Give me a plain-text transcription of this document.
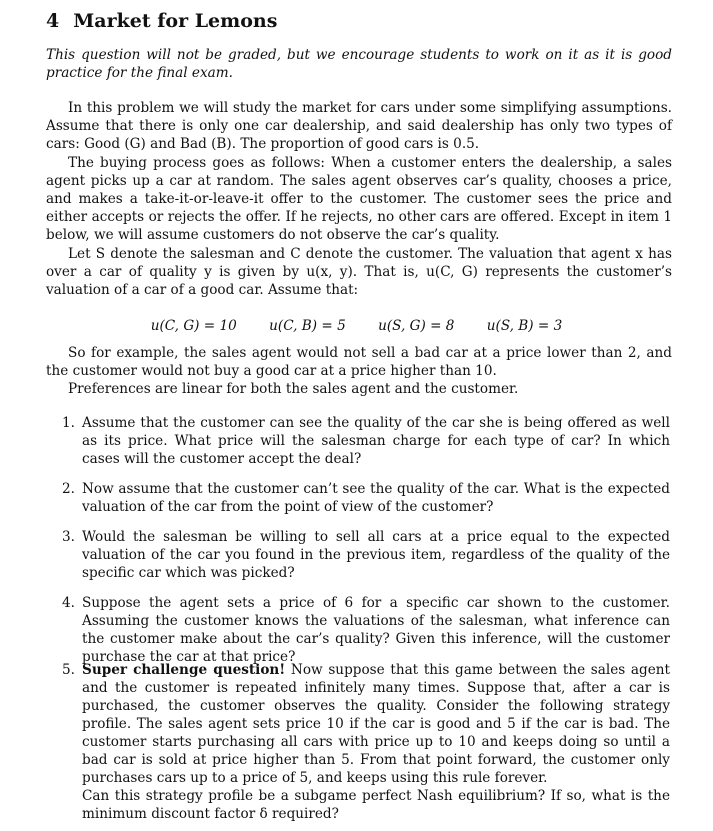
4 Market for Lemons

This question will not be graded, but we encourage students to work on it as it is good practice for the final exam.

In this problem we will study the market for cars under some simplifying assumptions. Assume that there is only one car dealership, and said dealership has only two types of cars: Good (G) and Bad (B). The proportion of good cars is 0.5.

The buying process goes as follows: When a customer enters the dealership, a sales agent picks up a car at random. The sales agent observes car’s quality, chooses a price, and makes a take-it-or-leave-it offer to the customer. The customer sees the price and either accepts or rejects the offer. If he rejects, no other cars are offered. Except in item 1 below, we will assume customers do not observe the car’s quality.

Let S denote the salesman and C denote the customer. The valuation that agent x has over a car of quality y is given by u(x, y). That is, u(C, G) represents the customer’s valuation of a car of a good car. Assume that:

u(C, G) = 10 u(C, B) = 5 u(S, G) = 8 u(S, B) = 3

So for example, the sales agent would not sell a bad car at a price lower than 2, and the customer would not buy a good car at a price higher than 10.

Preferences are linear for both the sales agent and the customer.

1. Assume that the customer can see the quality of the car she is being offered as well as its price. What price will the salesman charge for each type of car? In which cases will the customer accept the deal?
2. Now assume that the customer can’t see the quality of the car. What is the expected valuation of the car from the point of view of the customer?
3. Would the salesman be willing to sell all cars at a price equal to the expected valuation of the car you found in the previous item, regardless of the quality of the specific car which was picked?
4. Suppose the agent sets a price of 6 for a specific car shown to the customer. Assuming the customer knows the valuations of the salesman, what inference can the customer make about the car’s quality? Given this inference, will the customer purchase the car at that price?
5. Super challenge question! Now suppose that this game between the sales agent and the customer is repeated infinitely many times. Suppose that, after a car is purchased, the customer observes the quality. Consider the following strategy profile. The sales agent sets price 10 if the car is good and 5 if the car is bad. The customer starts purchasing all cars with price up to 10 and keeps doing so until a bad car is sold at price higher than 5. From that point forward, the customer only purchases cars up to a price of 5, and keeps using this rule forever.
Can this strategy profile be a subgame perfect Nash equilibrium? If so, what is the minimum discount factor δ required?
